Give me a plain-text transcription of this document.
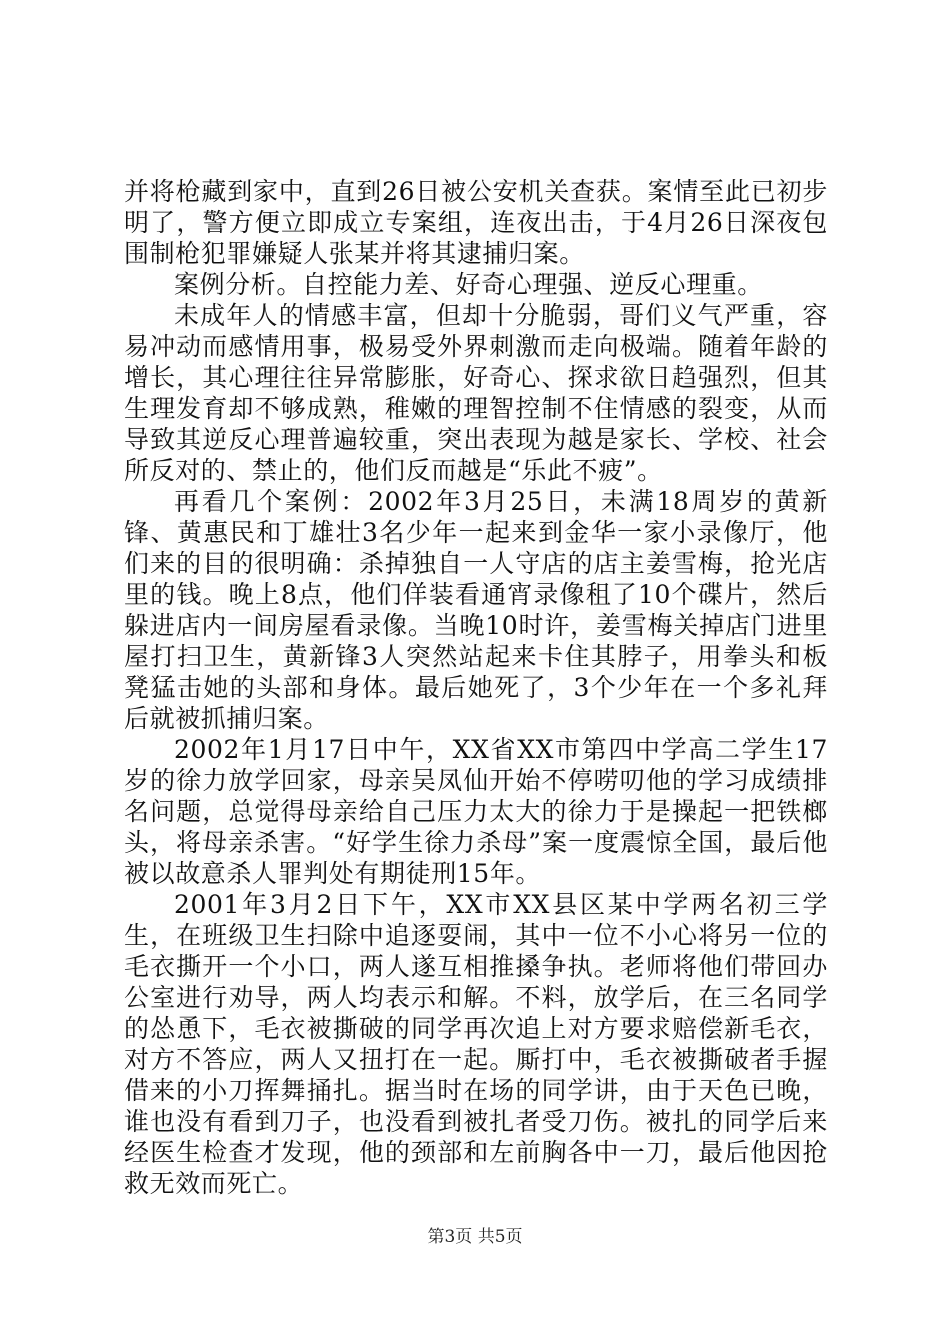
并将枪藏到家中，直到26日被公安机关查获。案情至此已初步明了，警方便立即成立专案组，连夜出击，于4月26日深夜包围制枪犯罪嫌疑人张某并将其逮捕归案。

案例分析。自控能力差、好奇心理强、逆反心理重。

未成年人的情感丰富，但却十分脆弱，哥们义气严重，容易冲动而感情用事，极易受外界刺激而走向极端。随着年龄的增长，其心理往往异常膨胀，好奇心、探求欲日趋强烈，但其生理发育却不够成熟，稚嫩的理智控制不住情感的裂变，从而导致其逆反心理普遍较重，突出表现为越是家长、学校、社会所反对的、禁止的，他们反而越是“乐此不疲”。

再看几个案例：2002年3月25日，未满18周岁的黄新锋、黄惠民和丁雄壮3名少年一起来到金华一家小录像厅，他们来的目的很明确：杀掉独自一人守店的店主姜雪梅，抢光店里的钱。晚上8点，他们佯装看通宵录像租了10个碟片，然后躲进店内一间房屋看录像。当晚10时许，姜雪梅关掉店门进里屋打扫卫生，黄新锋3人突然站起来卡住其脖子，用拳头和板凳猛击她的头部和身体。最后她死了，3个少年在一个多礼拜后就被抓捕归案。

2002年1月17日中午，XX省XX市第四中学高二学生17岁的徐力放学回家，母亲吴凤仙开始不停唠叨他的学习成绩排名问题，总觉得母亲给自己压力太大的徐力于是操起一把铁榔头，将母亲杀害。“好学生徐力杀母”案一度震惊全国，最后他被以故意杀人罪判处有期徒刑15年。

2001年3月2日下午，XX市XX县区某中学两名初三学生，在班级卫生扫除中追逐耍闹，其中一位不小心将另一位的毛衣撕开一个小口，两人遂互相推搡争执。老师将他们带回办公室进行劝导，两人均表示和解。不料，放学后，在三名同学的怂恿下，毛衣被撕破的同学再次追上对方要求赔偿新毛衣，对方不答应，两人又扭打在一起。厮打中，毛衣被撕破者手握借来的小刀挥舞捅扎。据当时在场的同学讲，由于天色已晚，谁也没有看到刀子，也没看到被扎者受刀伤。被扎的同学后来经医生检查才发现，他的颈部和左前胸各中一刀，最后他因抢救无效而死亡。

第3页 共5页
